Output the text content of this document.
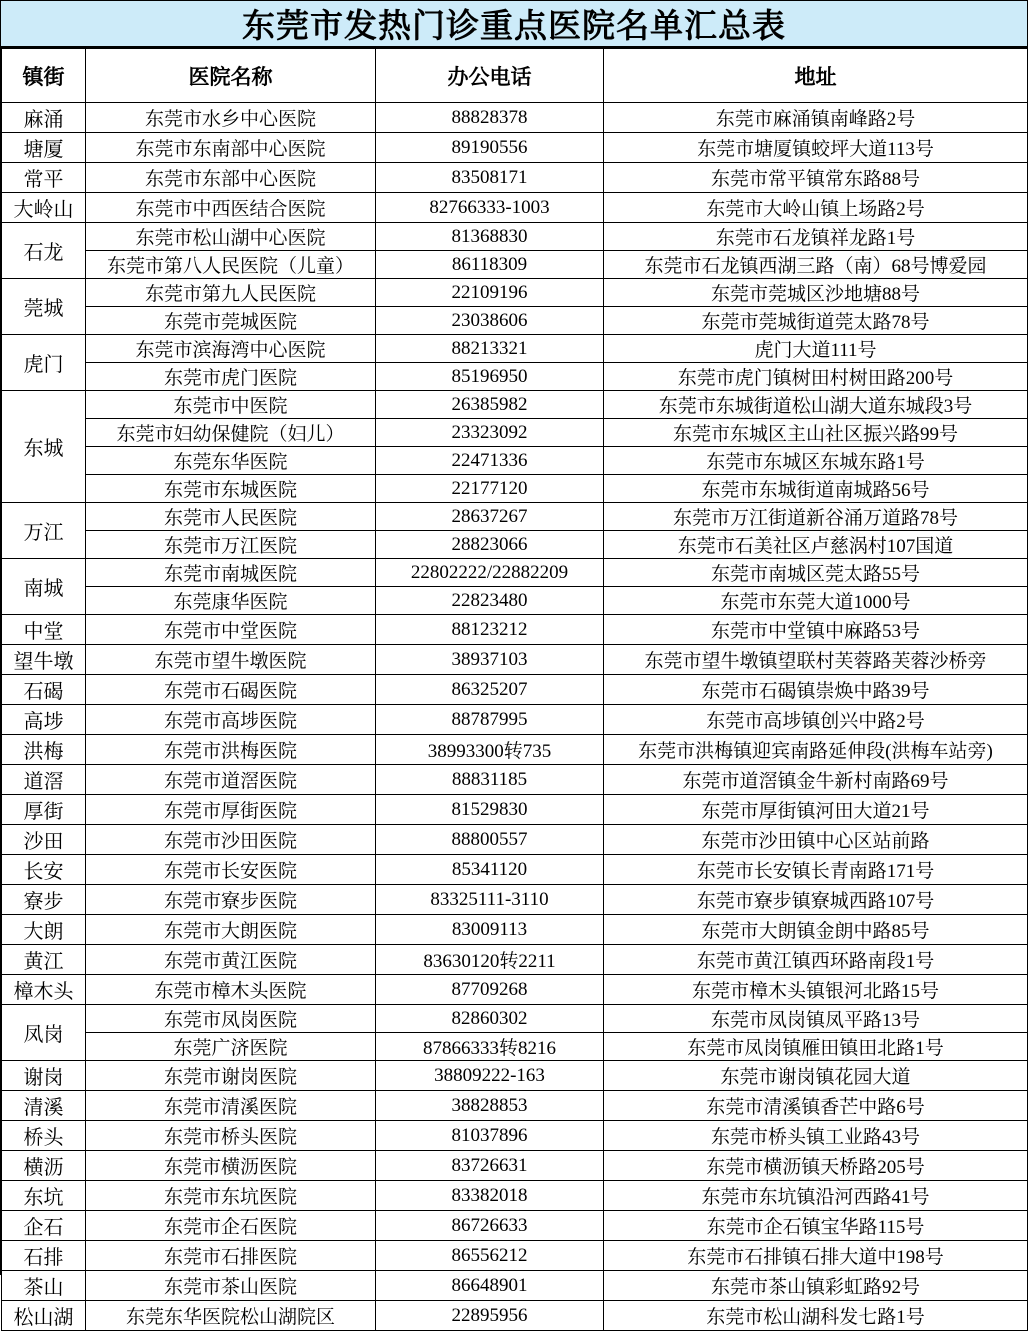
东莞市发热门诊重点医院名单汇总表
镇街	医院名称	办公电话	地址
麻涌	东莞市水乡中心医院	88828378	东莞市麻涌镇南峰路2号
塘厦	东莞市东南部中心医院	89190556	东莞市塘厦镇蛟坪大道113号
常平	东莞市东部中心医院	83508171	东莞市常平镇常东路88号
大岭山	东莞市中西医结合医院	82766333-1003	东莞市大岭山镇上场路2号
石龙	东莞市松山湖中心医院	81368830	东莞市石龙镇祥龙路1号
	东莞市第八人民医院（儿童）	86118309	东莞市石龙镇西湖三路（南）68号博爱园
莞城	东莞市第九人民医院	22109196	东莞市莞城区沙地塘88号
	东莞市莞城医院	23038606	东莞市莞城街道莞太路78号
虎门	东莞市滨海湾中心医院	88213321	虎门大道111号
	东莞市虎门医院	85196950	东莞市虎门镇树田村树田路200号
东城	东莞市中医院	26385982	东莞市东城街道松山湖大道东城段3号
	东莞市妇幼保健院（妇儿）	23323092	东莞市东城区主山社区振兴路99号
	东莞东华医院	22471336	东莞市东城区东城东路1号
	东莞市东城医院	22177120	东莞市东城街道南城路56号
万江	东莞市人民医院	28637267	东莞市万江街道新谷涌万道路78号
	东莞市万江医院	28823066	东莞市石美社区卢慈涡村107国道
南城	东莞市南城医院	22802222/22882209	东莞市南城区莞太路55号
	东莞康华医院	22823480	东莞市东莞大道1000号
中堂	东莞市中堂医院	88123212	东莞市中堂镇中麻路53号
望牛墩	东莞市望牛墩医院	38937103	东莞市望牛墩镇望联村芙蓉路芙蓉沙桥旁
石碣	东莞市石碣医院	86325207	东莞市石碣镇崇焕中路39号
高埗	东莞市高埗医院	88787995	东莞市高埗镇创兴中路2号
洪梅	东莞市洪梅医院	38993300转735	东莞市洪梅镇迎宾南路延伸段(洪梅车站旁)
道滘	东莞市道滘医院	88831185	东莞市道滘镇金牛新村南路69号
厚街	东莞市厚街医院	81529830	东莞市厚街镇河田大道21号
沙田	东莞市沙田医院	88800557	东莞市沙田镇中心区站前路
长安	东莞市长安医院	85341120	东莞市长安镇长青南路171号
寮步	东莞市寮步医院	83325111-3110	东莞市寮步镇寮城西路107号
大朗	东莞市大朗医院	83009113	东莞市大朗镇金朗中路85号
黄江	东莞市黄江医院	83630120转2211	东莞市黄江镇西环路南段1号
樟木头	东莞市樟木头医院	87709268	东莞市樟木头镇银河北路15号
凤岗	东莞市凤岗医院	82860302	东莞市凤岗镇凤平路13号
	东莞广济医院	87866333转8216	东莞市凤岗镇雁田镇田北路1号
谢岗	东莞市谢岗医院	38809222-163	东莞市谢岗镇花园大道
清溪	东莞市清溪医院	38828853	东莞市清溪镇香芒中路6号
桥头	东莞市桥头医院	81037896	东莞市桥头镇工业路43号
横沥	东莞市横沥医院	83726631	东莞市横沥镇天桥路205号
东坑	东莞市东坑医院	83382018	东莞市东坑镇沿河西路41号
企石	东莞市企石医院	86726633	东莞市企石镇宝华路115号
石排	东莞市石排医院	86556212	东莞市石排镇石排大道中198号
茶山	东莞市茶山医院	86648901	东莞市茶山镇彩虹路92号
松山湖	东莞东华医院松山湖院区	22895956	东莞市松山湖科发七路1号
